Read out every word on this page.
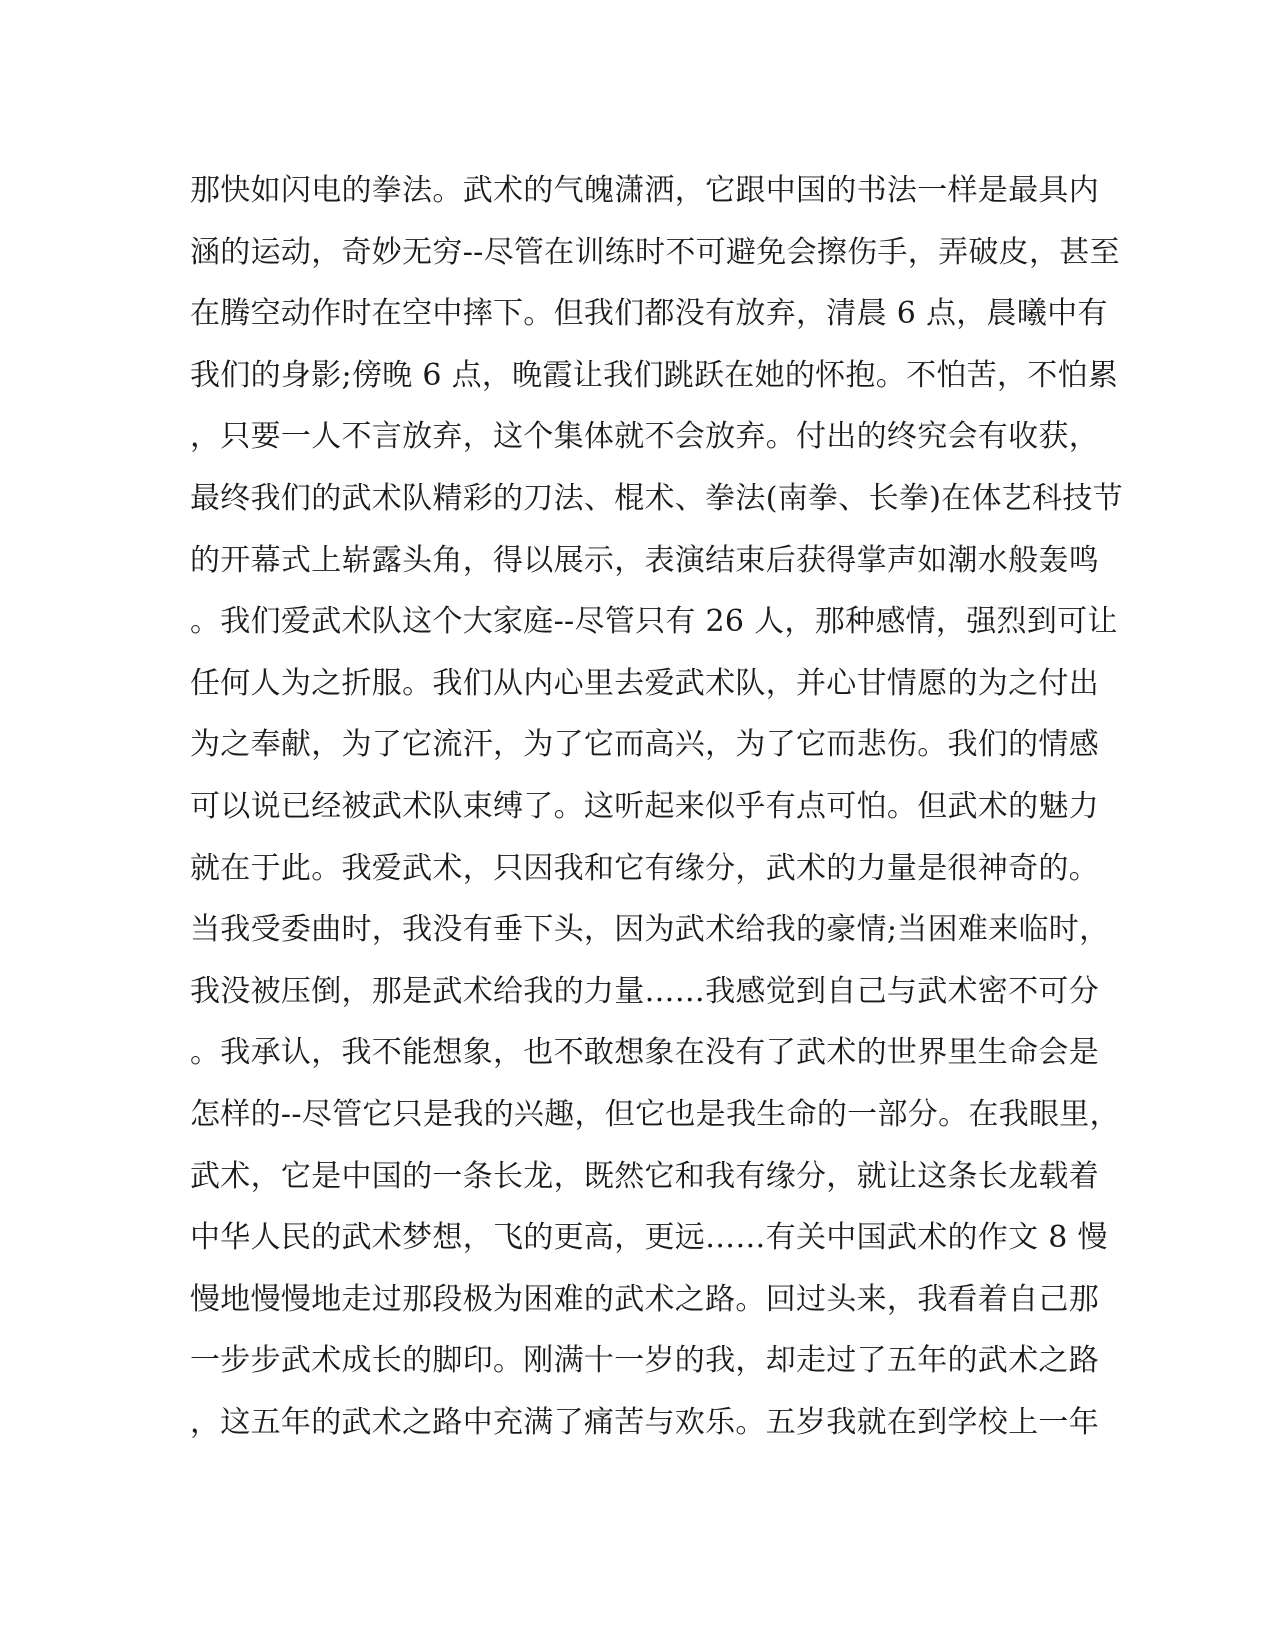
那快如闪电的拳法。武术的气魄潇洒，它跟中国的书法一样是最具内
涵的运动，奇妙无穷--尽管在训练时不可避免会擦伤手，弄破皮，甚至
在腾空动作时在空中摔下。但我们都没有放弃，清晨 6 点，晨曦中有
我们的身影;傍晚 6 点，晚霞让我们跳跃在她的怀抱。不怕苦，不怕累
，只要一人不言放弃，这个集体就不会放弃。付出的终究会有收获，
最终我们的武术队精彩的刀法、棍术、拳法(南拳、长拳)在体艺科技节
的开幕式上崭露头角，得以展示，表演结束后获得掌声如潮水般轰鸣
。我们爱武术队这个大家庭--尽管只有 26 人，那种感情，强烈到可让
任何人为之折服。我们从内心里去爱武术队，并心甘情愿的为之付出
为之奉献，为了它流汗，为了它而高兴，为了它而悲伤。我们的情感
可以说已经被武术队束缚了。这听起来似乎有点可怕。但武术的魅力
就在于此。我爱武术，只因我和它有缘分，武术的力量是很神奇的。
当我受委曲时，我没有垂下头，因为武术给我的豪情;当困难来临时，
我没被压倒，那是武术给我的力量……我感觉到自己与武术密不可分
。我承认，我不能想象，也不敢想象在没有了武术的世界里生命会是
怎样的--尽管它只是我的兴趣，但它也是我生命的一部分。在我眼里，
武术，它是中国的一条长龙，既然它和我有缘分，就让这条长龙载着
中华人民的武术梦想，飞的更高，更远……有关中国武术的作文 8 慢
慢地慢慢地走过那段极为困难的武术之路。回过头来，我看着自己那
一步步武术成长的脚印。刚满十一岁的我，却走过了五年的武术之路
，这五年的武术之路中充满了痛苦与欢乐。五岁我就在到学校上一年
